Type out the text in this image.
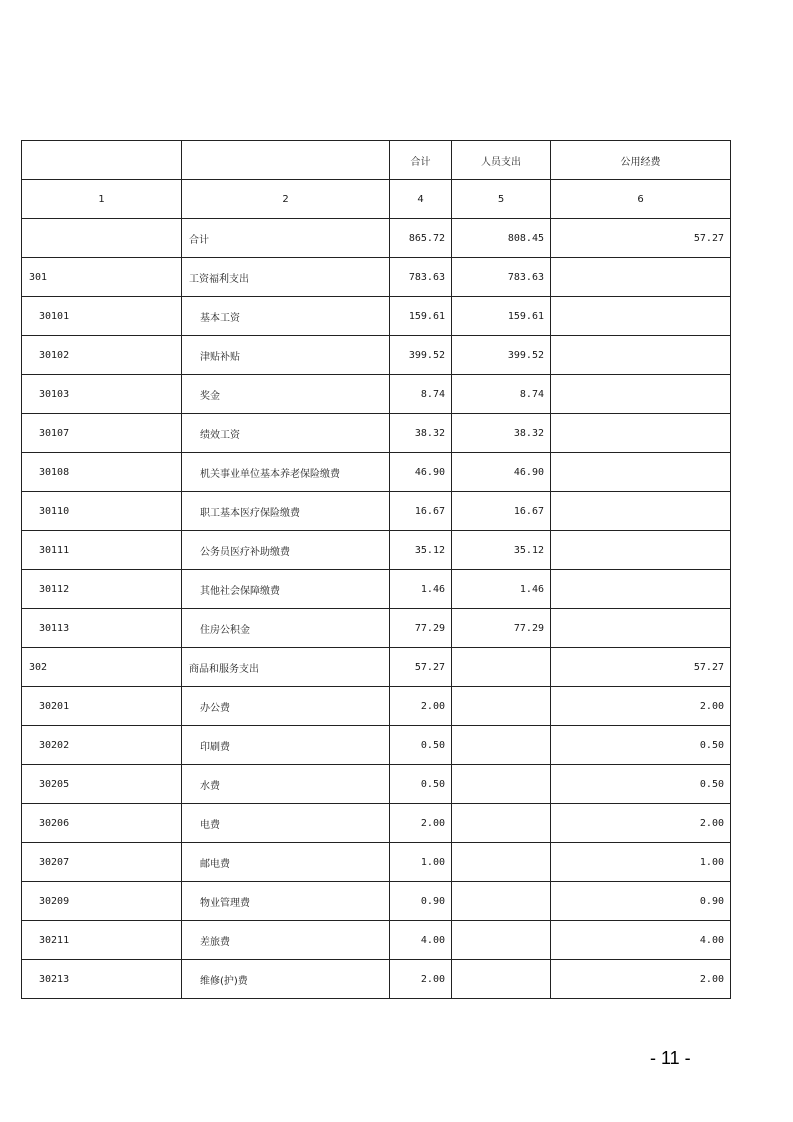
		合计	人员支出	公用经费
1	2	4	5	6
	合计	865.72	808.45	57.27
301	工资福利支出	783.63	783.63	
30101	基本工资	159.61	159.61	
30102	津贴补贴	399.52	399.52	
30103	奖金	8.74	8.74	
30107	绩效工资	38.32	38.32	
30108	机关事业单位基本养老保险缴费	46.90	46.90	
30110	职工基本医疗保险缴费	16.67	16.67	
30111	公务员医疗补助缴费	35.12	35.12	
30112	其他社会保障缴费	1.46	1.46	
30113	住房公积金	77.29	77.29	
302	商品和服务支出	57.27		57.27
30201	办公费	2.00		2.00
30202	印刷费	0.50		0.50
30205	水费	0.50		0.50
30206	电费	2.00		2.00
30207	邮电费	1.00		1.00
30209	物业管理费	0.90		0.90
30211	差旅费	4.00		4.00
30213	维修(护)费	2.00		2.00
- 11 -
